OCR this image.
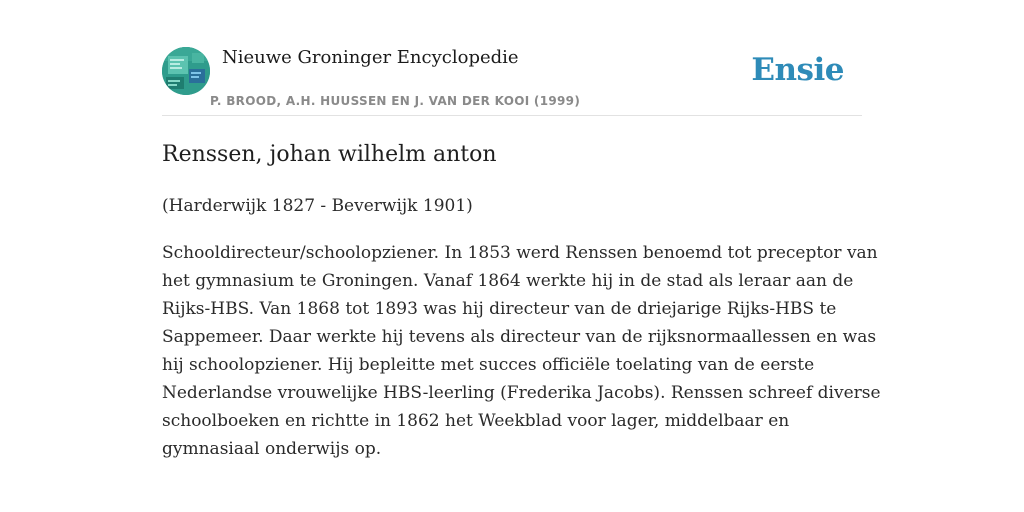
Nieuwe Groninger Encyclopedie
P. BROOD, A.H. HUUSSEN EN J. VAN DER KOOI (1999)
Ensie
Renssen, johan wilhelm anton

(Harderwijk 1827 - Beverwijk 1901)

Schooldirecteur/schoolopziener. In 1853 werd Renssen benoemd tot preceptor van
het gymnasium te Groningen. Vanaf 1864 werkte hij in de stad als leraar aan de
Rijks-HBS. Van 1868 tot 1893 was hij directeur van de driejarige Rijks-HBS te
Sappemeer. Daar werkte hij tevens als directeur van de rijksnormaallessen en was
hij schoolopziener. Hij bepleitte met succes officiële toelating van de eerste
Nederlandse vrouwelijke HBS-leerling (Frederika Jacobs). Renssen schreef diverse
schoolboeken en richtte in 1862 het Weekblad voor lager, middelbaar en
gymnasiaal onderwijs op.
